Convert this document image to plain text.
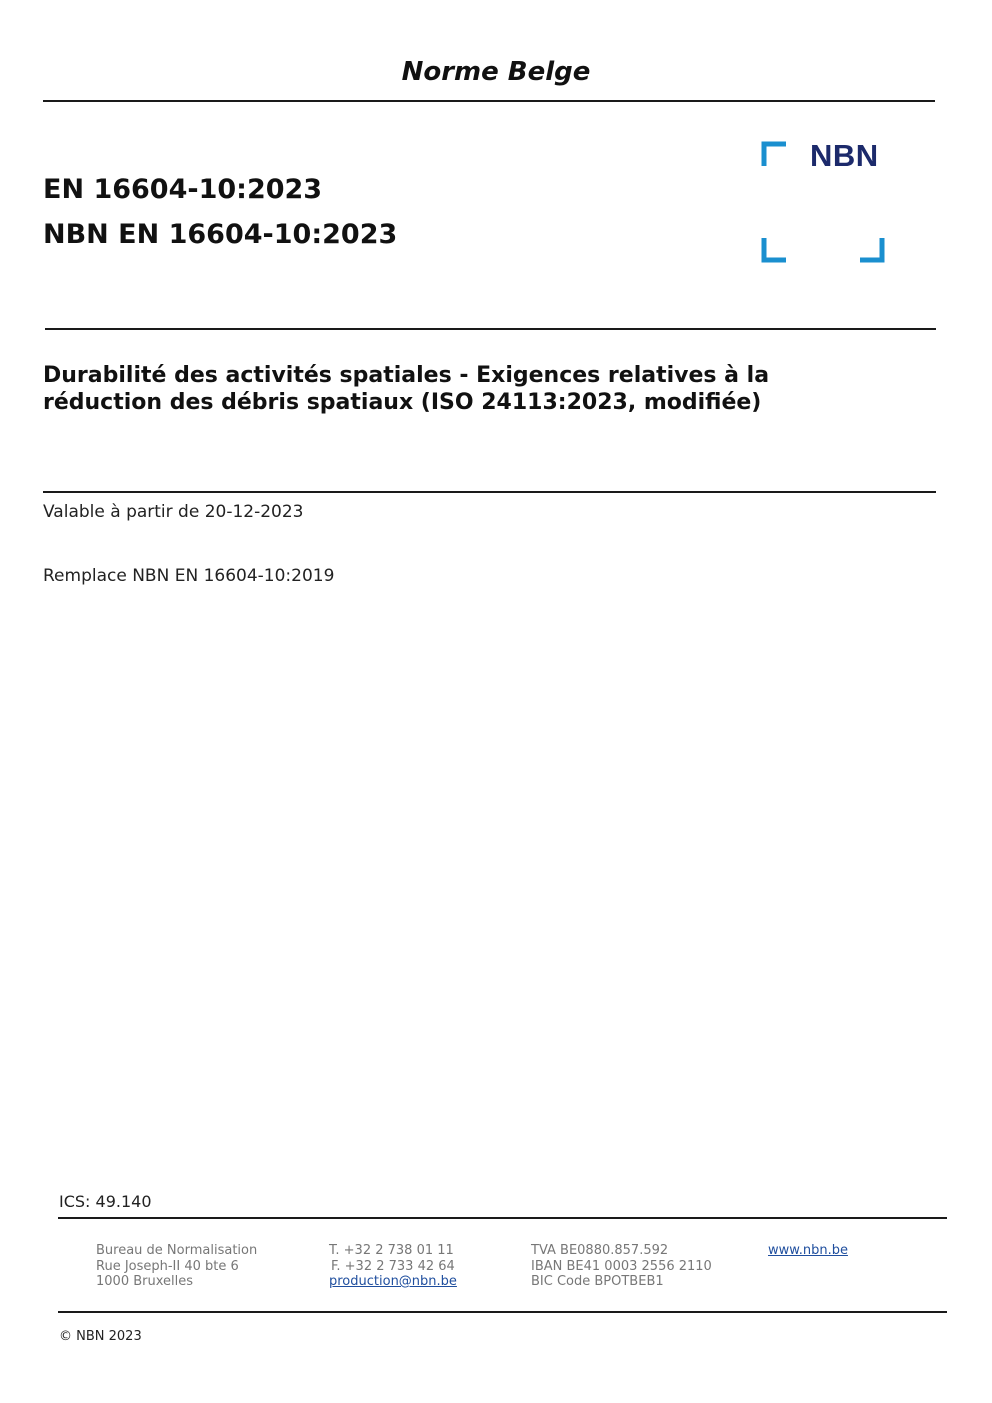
Norme Belge
EN 16604-10:2023
NBN EN 16604-10:2023
NBN
Durabilité des activités spatiales - Exigences relatives à la
réduction des débris spatiaux (ISO 24113:2023, modifiée)
Valable à partir de 20-12-2023
Remplace NBN EN 16604-10:2019
ICS: 49.140
Bureau de Normalisation
Rue Joseph-II 40 bte 6
1000 Bruxelles
T. +32 2 738 01 11
F. +32 2 733 42 64
production@nbn.be
TVA BE0880.857.592
IBAN BE41 0003 2556 2110
BIC Code BPOTBEB1
www.nbn.be
© NBN 2023
